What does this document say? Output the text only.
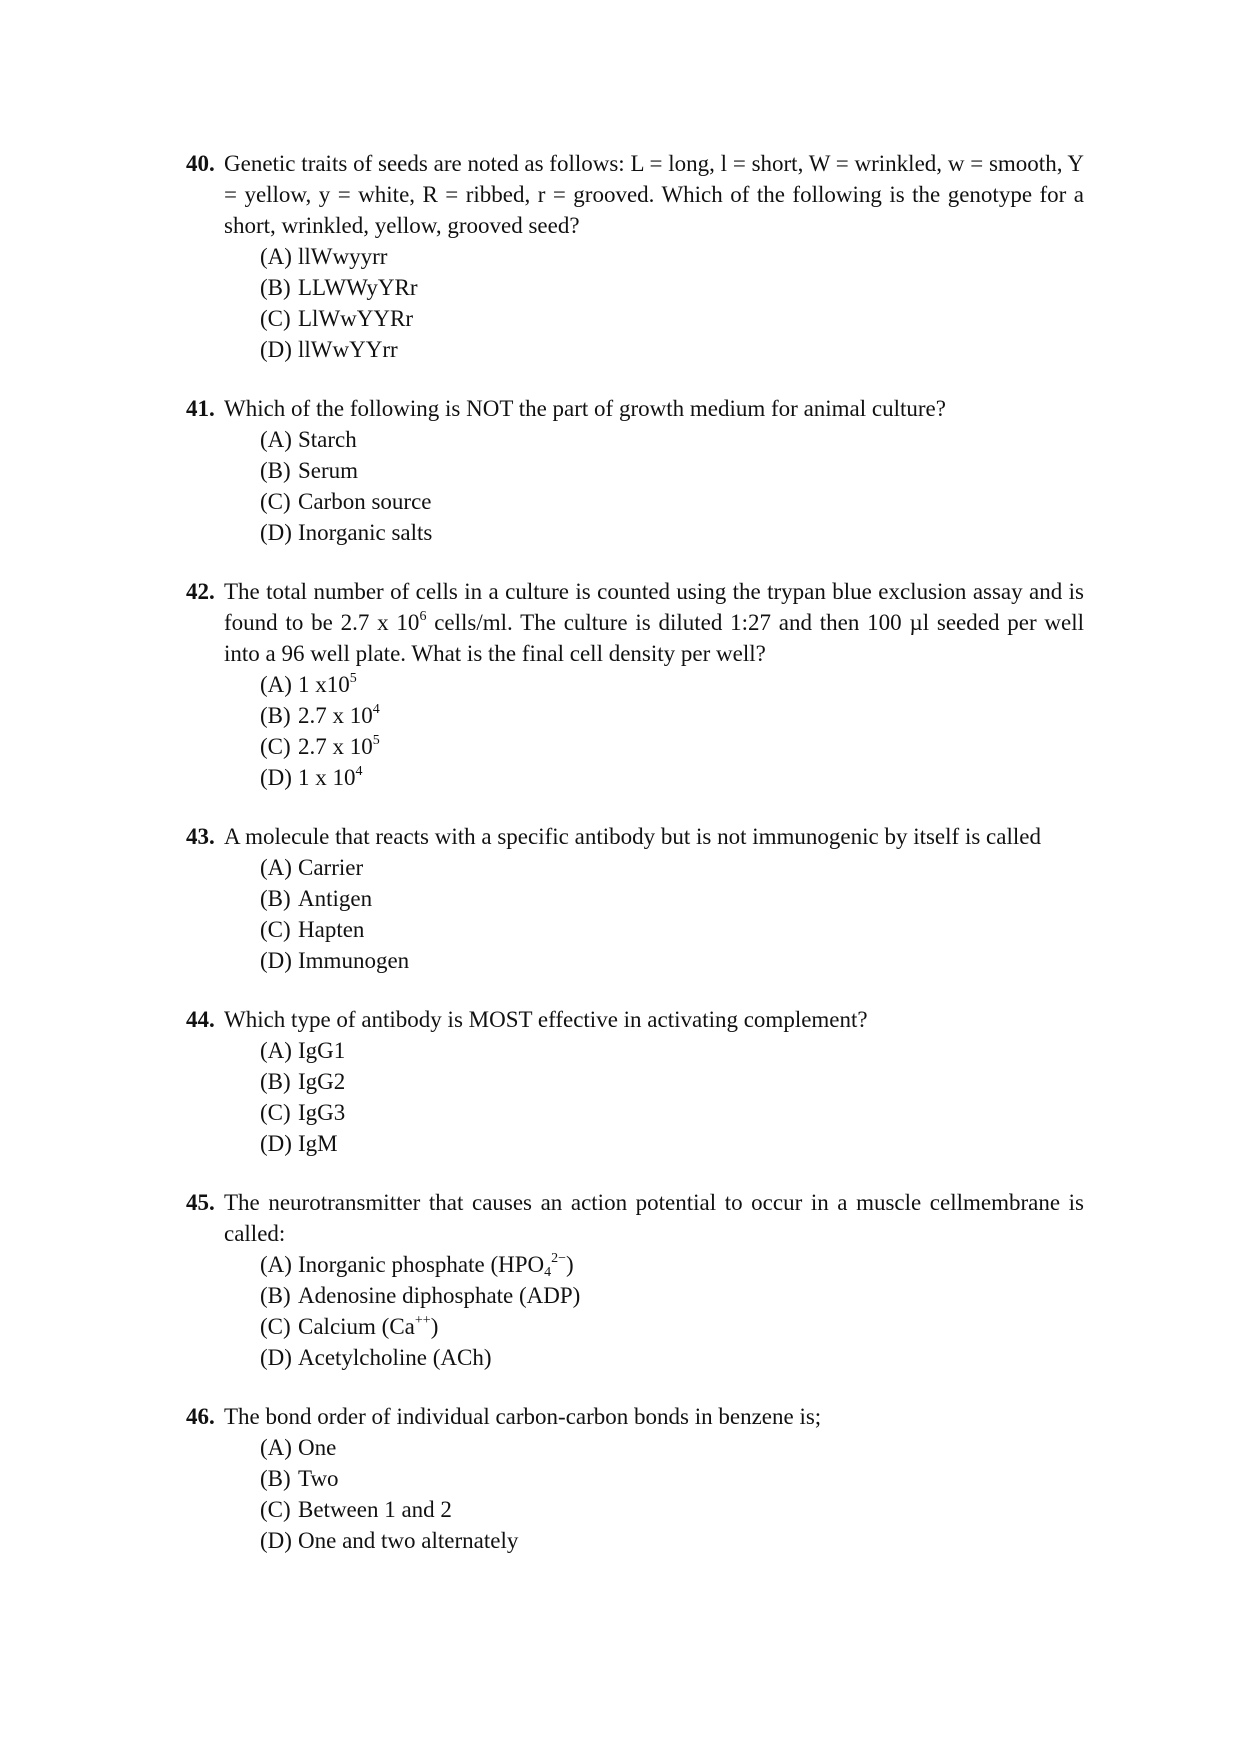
40. Genetic traits of seeds are noted as follows: L = long, l = short, W = wrinkled, w = smooth, Y = yellow, y = white, R = ribbed, r = grooved. Which of the following is the genotype for a short, wrinkled, yellow, grooved seed?
(A) llWwyyrr
(B) LLWWyYRr
(C) LlWwYYRr
(D) llWwYYrr
41. Which of the following is NOT the part of growth medium for animal culture?
(A) Starch
(B) Serum
(C) Carbon source
(D) Inorganic salts
42. The total number of cells in a culture is counted using the trypan blue exclusion assay and is found to be 2.7 x $10^6$ cells/ml. The culture is diluted 1:27 and then 100 µl seeded per well into a 96 well plate. What is the final cell density per well?
(A) 1 $x10^5$
(B) 2.7 x $10^4$
(C) 2.7 x $10^5$
(D) 1 x $10^4$
43. A molecule that reacts with a specific antibody but is not immunogenic by itself is called
(A) Carrier
(B) Antigen
(C) Hapten
(D) Immunogen
44. Which type of antibody is MOST effective in activating complement?
(A) IgG1
(B) IgG2
(C) IgG3
(D) IgM
45. The neurotransmitter that causes an action potential to occur in a muscle cellmembrane is called:
(A) Inorganic phosphate $(HPO_4^{2-})$
(B) Adenosine diphosphate (ADP)
(C) Calcium (Ca++)
(D) Acetylcholine (ACh)
46. The bond order of individual carbon-carbon bonds in benzene is;
(A) One
(B) Two
(C) Between 1 and 2
(D) One and two alternately
